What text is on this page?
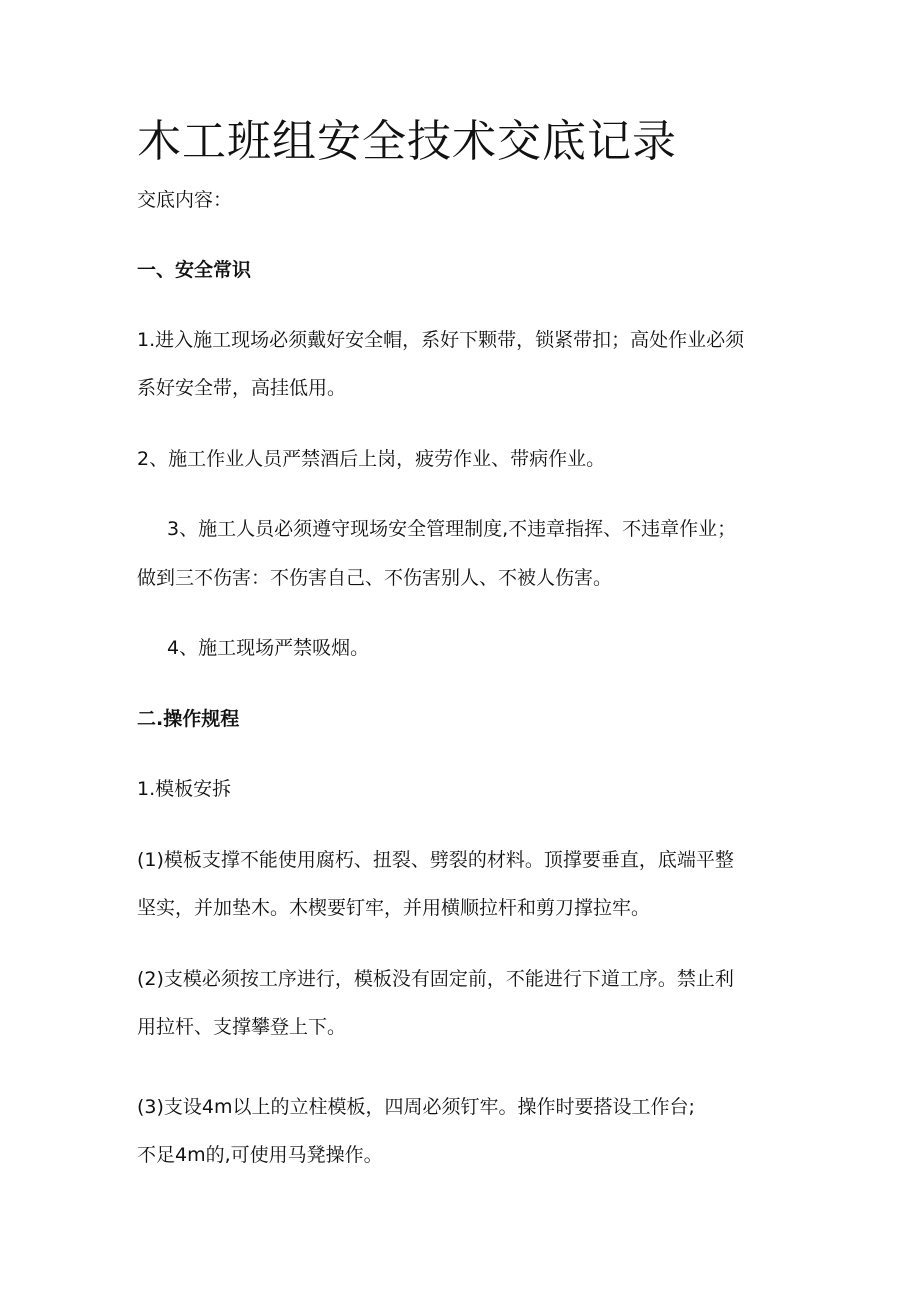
木工班组安全技术交底记录

交底内容：

一、安全常识

1.进入施工现场必须戴好安全帽，系好下颗带，锁紧带扣；高处作业必须

系好安全带，高挂低用。

2、施工作业人员严禁酒后上岗，疲劳作业、带病作业。

3、施工人员必须遵守现场安全管理制度,不违章指挥、不违章作业；

做到三不伤害：不伤害自己、不伤害别人、不被人伤害。

4、施工现场严禁吸烟。

二.操作规程

1.模板安拆

(1)模板支撑不能使用腐朽、扭裂、劈裂的材料。顶撑要垂直，底端平整

坚实，并加垫木。木楔要钉牢，并用横顺拉杆和剪刀撑拉牢。

(2)支模必须按工序进行，模板没有固定前，不能进行下道工序。禁止利

用拉杆、支撑攀登上下。

(3)支设4m以上的立柱模板，四周必须钉牢。操作时要搭设工作台;

不足4m的,可使用马凳操作。
